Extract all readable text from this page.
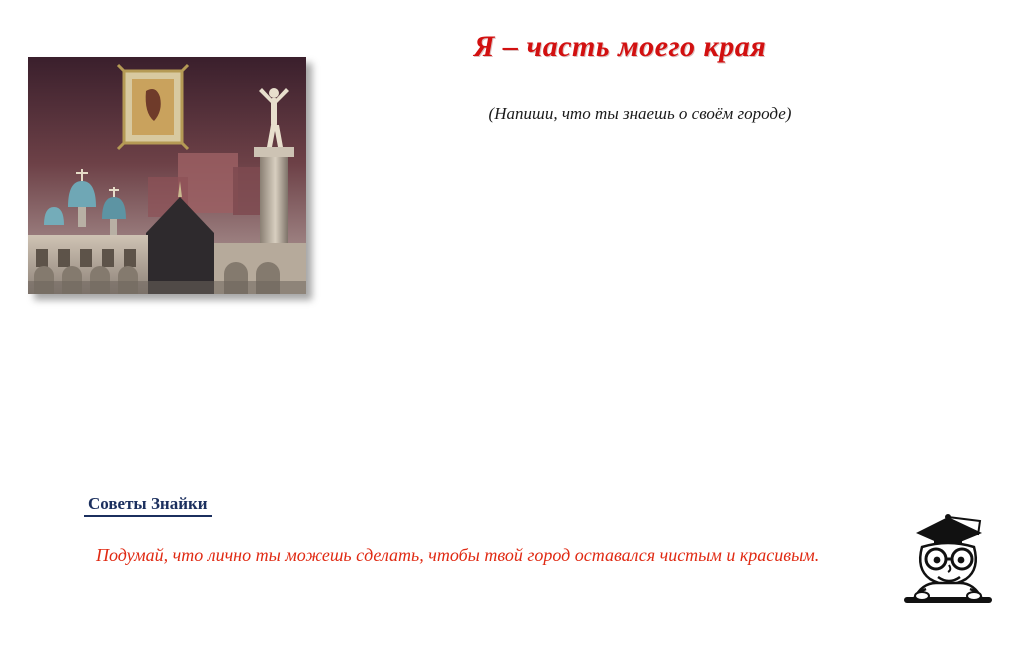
Я – часть моего края
(Напиши, что ты знаешь о своём городе)
Советы Знайки
Подумай, что лично ты можешь сделать, чтобы твой город оставался чистым и красивым.
